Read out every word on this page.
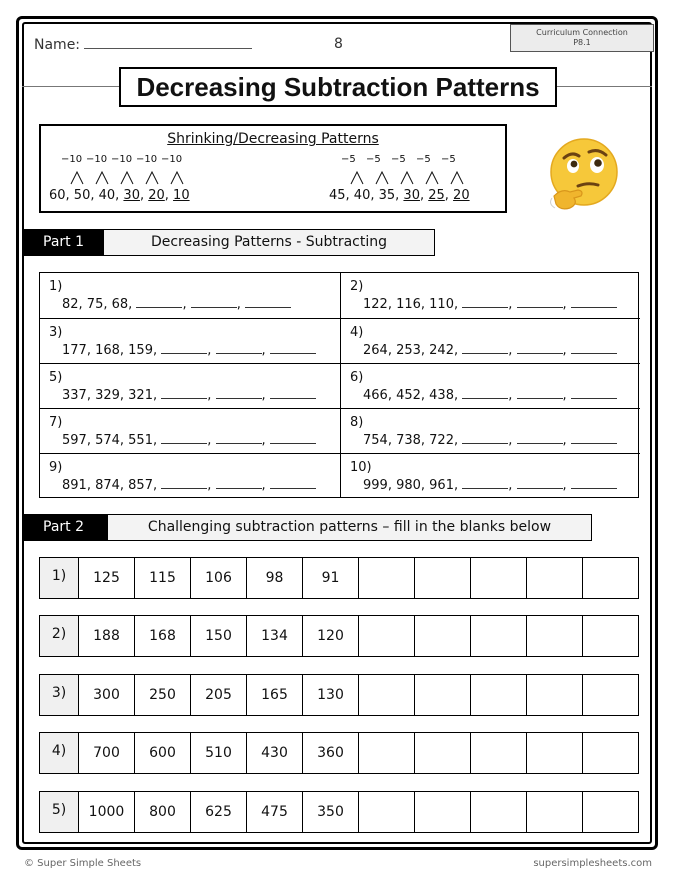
Name:	8
Curriculum Connection
P8.1
Decreasing Subtraction Patterns
Shrinking/Decreasing Patterns
−10 −10 −10 −10 −10
60, 50, 40, 30, 20, 10
−5 −5 −5 −5 −5
45, 40, 35, 30, 25, 20
Part 1	Decreasing Patterns - Subtracting
1)
82, 75, 68,	,	,
2)
122, 116, 110,	,	,
3)
177, 168, 159,	,	,
4)
264, 253, 242,	,	,
5)
337, 329, 321,	,	,
6)
466, 452, 438,	,	,
7)
597, 574, 551,	,	,
8)
754, 738, 722,	,	,
9)
891, 874, 857,	,	,
10)
999, 980, 961,	,	,
Part 2	Challenging subtraction patterns – fill in the blanks below
1)	125	115	106	98	91
2)	188	168	150	134	120
3)	300	250	205	165	130
4)	700	600	510	430	360
5)	1000	800	625	475	350
© Super Simple Sheets	supersimplesheets.com
